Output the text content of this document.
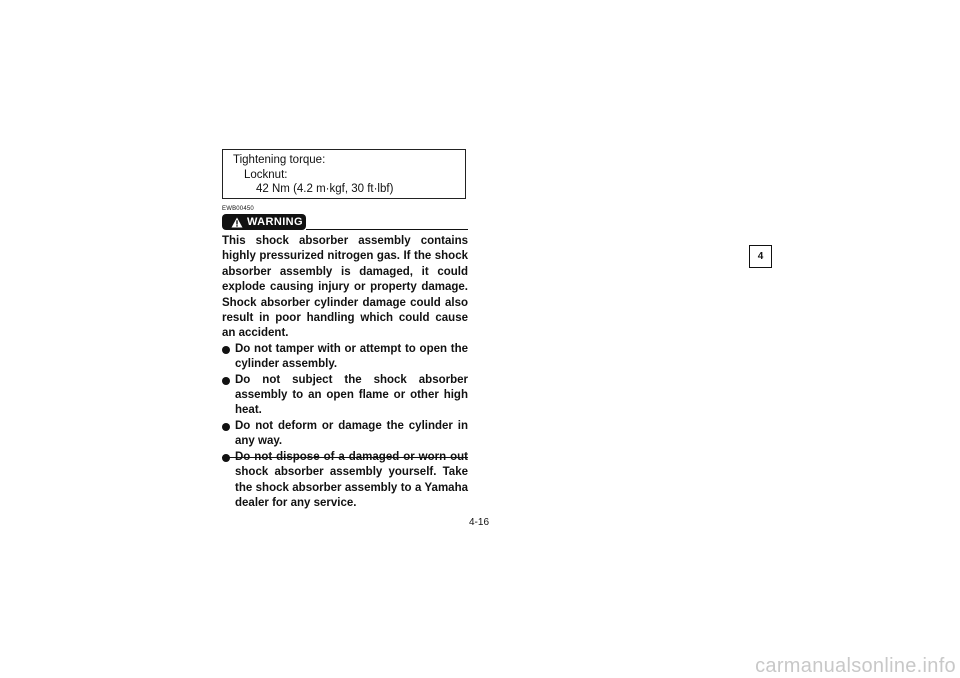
Tightening torque:
Locknut:
42 Nm (4.2 m·kgf, 30 ft·lbf)
EWB00450
WARNING

This shock absorber assembly contains highly pressurized nitrogen gas. If the shock absorber assembly is damaged, it could explode causing injury or property damage. Shock absorber cylinder damage could also result in poor handling which could cause an accident.

Do not tamper with or attempt to open the cylinder assembly.
Do not subject the shock absorber assembly to an open flame or other high heat.
Do not deform or damage the cylinder in any way.
Do not dispose of a damaged or worn out shock absorber assembly yourself. Take the shock absorber assembly to a Yamaha dealer for any service.
4-16
4
carmanualsonline.info
